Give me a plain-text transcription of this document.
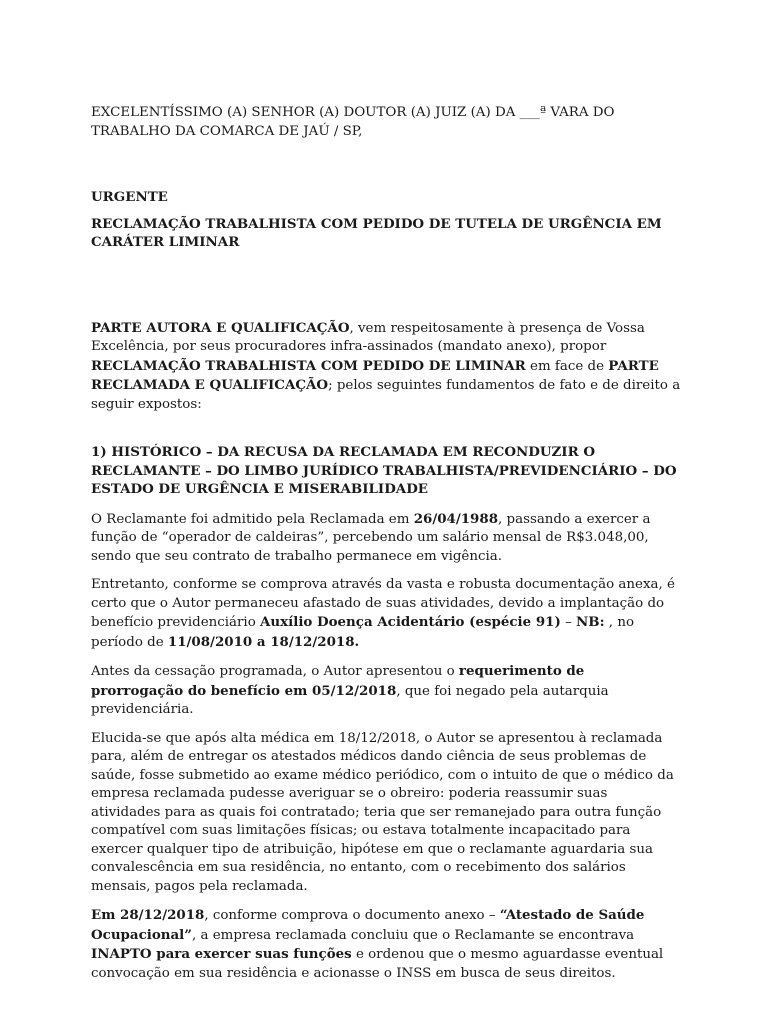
EXCELENTÍSSIMO (A) SENHOR (A) DOUTOR (A) JUIZ (A) DA ___ª VARA DO TRABALHO DA COMARCA DE JAÚ / SP,

URGENTE

RECLAMAÇÃO TRABALHISTA COM PEDIDO DE TUTELA DE URGÊNCIA EM CARÁTER LIMINAR

PARTE AUTORA E QUALIFICAÇÃO, vem respeitosamente à presença de Vossa Excelência, por seus procuradores infra-assinados (mandato anexo), propor RECLAMAÇÃO TRABALHISTA COM PEDIDO DE LIMINAR em face de PARTE RECLAMADA E QUALIFICAÇÃO; pelos seguintes fundamentos de fato e de direito a seguir expostos:

1) HISTÓRICO – DA RECUSA DA RECLAMADA EM RECONDUZIR O RECLAMANTE – DO LIMBO JURÍDICO TRABALHISTA/PREVIDENCIÁRIO – DO ESTADO DE URGÊNCIA E MISERABILIDADE

O Reclamante foi admitido pela Reclamada em 26/04/1988, passando a exercer a função de “operador de caldeiras”, percebendo um salário mensal de R$3.048,00, sendo que seu contrato de trabalho permanece em vigência.

Entretanto, conforme se comprova através da vasta e robusta documentação anexa, é certo que o Autor permaneceu afastado de suas atividades, devido a implantação do benefício previdenciário Auxílio Doença Acidentário (espécie 91) – NB: , no período de 11/08/2010 a 18/12/2018.

Antes da cessação programada, o Autor apresentou o requerimento de prorrogação do benefício em 05/12/2018, que foi negado pela autarquia previdenciária.

Elucida-se que após alta médica em 18/12/2018, o Autor se apresentou à reclamada para, além de entregar os atestados médicos dando ciência de seus problemas de saúde, fosse submetido ao exame médico periódico, com o intuito de que o médico da empresa reclamada pudesse averiguar se o obreiro: poderia reassumir suas atividades para as quais foi contratado; teria que ser remanejado para outra função compatível com suas limitações físicas; ou estava totalmente incapacitado para exercer qualquer tipo de atribuição, hipótese em que o reclamante aguardaria sua convalescência em sua residência, no entanto, com o recebimento dos salários mensais, pagos pela reclamada.

Em 28/12/2018, conforme comprova o documento anexo – “Atestado de Saúde Ocupacional”, a empresa reclamada concluiu que o Reclamante se encontrava INAPTO para exercer suas funções e ordenou que o mesmo aguardasse eventual convocação em sua residência e acionasse o INSS em busca de seus direitos.
